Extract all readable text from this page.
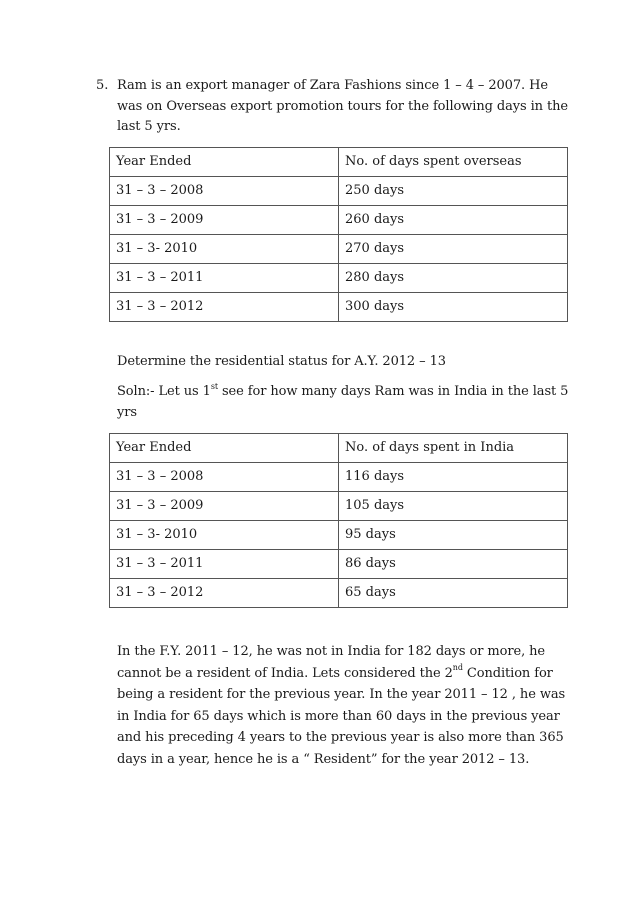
5. Ram is an export manager of Zara Fashions since 1 – 4 – 2007. He was on Overseas export promotion tours for the following days in the last 5 yrs.
Year Ended	No. of days spent overseas
31 – 3 – 2008	250 days
31 – 3 – 2009	260 days
31 – 3- 2010	270 days
31 – 3 – 2011	280 days
31 – 3 – 2012	300 days
Determine the residential status for A.Y. 2012 – 13
Soln:- Let us 1st see for how many days Ram was in India in the last 5 yrs
Year Ended	No. of days spent in India
31 – 3 – 2008	116 days
31 – 3 – 2009	105 days
31 – 3- 2010	95 days
31 – 3 – 2011	86 days
31 – 3 – 2012	65 days
In the F.Y. 2011 – 12, he was not in India for 182 days or more, he cannot be a resident of India. Lets considered the 2nd Condition for being a resident for the previous year. In the year 2011 – 12 , he was in India for 65 days which is more than 60 days in the previous year and his preceding 4 years to the previous year is also more than 365 days in a year, hence he is a “ Resident” for the year 2012 – 13.
